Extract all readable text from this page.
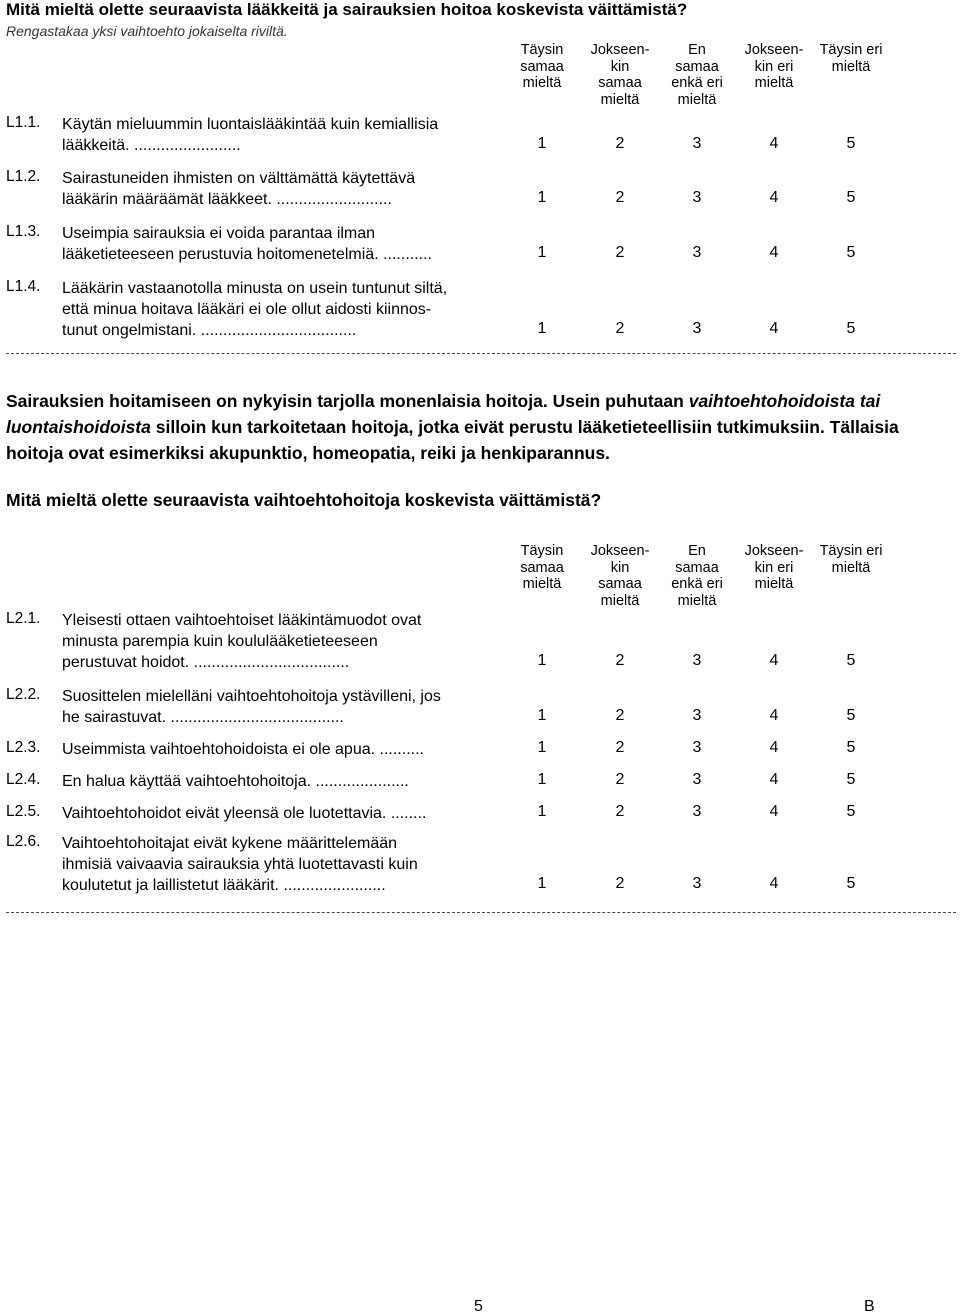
Mitä mieltä olette seuraavista lääkkeitä ja sairauksien hoitoa koskevista väittämistä?
Rengastakaa yksi vaihtoehto jokaiselta riviltä.
Täysin
samaa
mieltä
Jokseen-
kin
samaa
mieltä
En
samaa
enkä eri
mieltä
Jokseen-
kin eri
mieltä
Täysin eri
mieltä
L1.1. Käytän mieluummin luontaislääkintää kuin kemiallisia
lääkkeitä. ........................	1	2	3	4	5
L1.2. Sairastuneiden ihmisten on välttämättä käytettävä
lääkärin määräämät lääkkeet. ..........................	1	2	3	4	5
L1.3. Useimpia sairauksia ei voida parantaa ilman
lääketieteeseen perustuvia hoitomenetelmiä. ...........	1	2	3	4	5
L1.4. Lääkärin vastaanotolla minusta on usein tuntunut siltä,
että minua hoitava lääkäri ei ole ollut aidosti kiinnos-
tunut ongelmistani. ...................................	1	2	3	4	5
Sairauksien hoitamiseen on nykyisin tarjolla monenlaisia hoitoja. Usein puhutaan vaihtoehtohoidoista tai
luontaishoidoista silloin kun tarkoitetaan hoitoja, jotka eivät perustu lääketieteellisiin tutkimuksiin. Tällaisia
hoitoja ovat esimerkiksi akupunktio, homeopatia, reiki ja henkiparannus.
Mitä mieltä olette seuraavista vaihtoehtohoitoja koskevista väittämistä?
Täysin
samaa
mieltä
Jokseen-
kin
samaa
mieltä
En
samaa
enkä eri
mieltä
Jokseen-
kin eri
mieltä
Täysin eri
mieltä
L2.1. Yleisesti ottaen vaihtoehtoiset lääkintämuodot ovat
minusta parempia kuin koululääketieteeseen
perustuvat hoidot. ...................................	1	2	3	4	5
L2.2. Suosittelen mielelläni vaihtoehtohoitoja ystävilleni, jos
he sairastuvat. .......................................	1	2	3	4	5
L2.3. Useimmista vaihtoehtohoidoista ei ole apua. ..........	1	2	3	4	5
L2.4. En halua käyttää vaihtoehtohoitoja. .....................	1	2	3	4	5
L2.5. Vaihtoehtohoidot eivät yleensä ole luotettavia. ........	1	2	3	4	5
L2.6. Vaihtoehtohoitajat eivät kykene määrittelemään
ihmisiä vaivaavia sairauksia yhtä luotettavasti kuin
koulutetut ja laillistetut lääkärit. .......................	1	2	3	4	5
5	B
